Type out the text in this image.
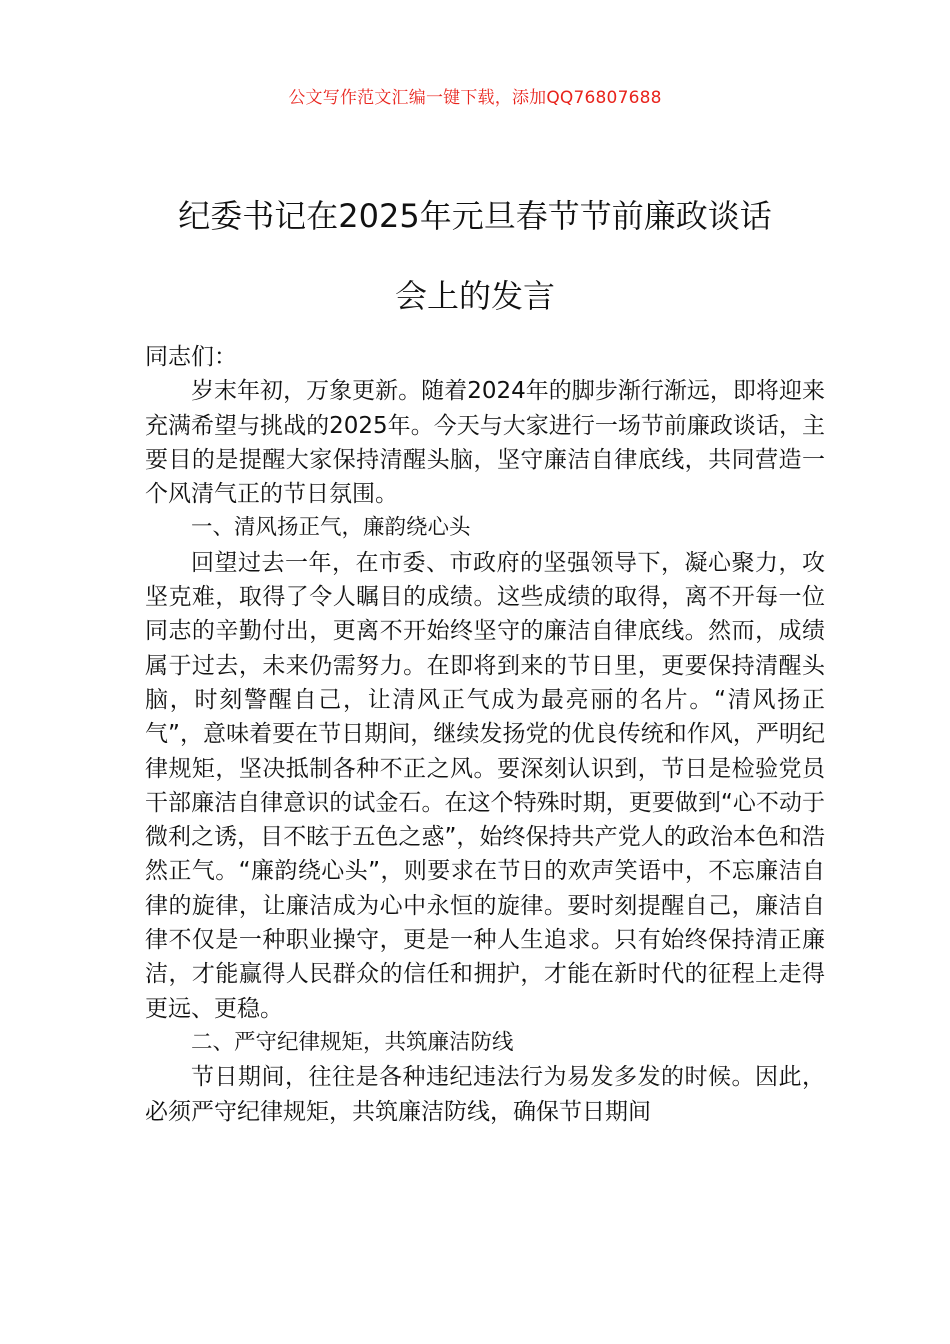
公文写作范文汇编一键下载，添加QQ76807688
纪委书记在2025年元旦春节节前廉政谈话
会上的发言

同志们：

岁末年初，万象更新。随着2024年的脚步渐行渐远，即将迎来充满希望与挑战的2025年。今天与大家进行一场节前廉政谈话，主要目的是提醒大家保持清醒头脑，坚守廉洁自律底线，共同营造一个风清气正的节日氛围。

一、清风扬正气，廉韵绕心头

回望过去一年，在市委、市政府的坚强领导下，凝心聚力，攻坚克难，取得了令人瞩目的成绩。这些成绩的取得，离不开每一位同志的辛勤付出，更离不开始终坚守的廉洁自律底线。然而，成绩属于过去，未来仍需努力。在即将到来的节日里，更要保持清醒头脑，时刻警醒自己，让清风正气成为最亮丽的名片。“清风扬正气”，意味着要在节日期间，继续发扬党的优良传统和作风，严明纪律规矩，坚决抵制各种不正之风。要深刻认识到，节日是检验党员干部廉洁自律意识的试金石。在这个特殊时期，更要做到“心不动于微利之诱，目不眩于五色之惑”，始终保持共产党人的政治本色和浩然正气。“廉韵绕心头”，则要求在节日的欢声笑语中，不忘廉洁自律的旋律，让廉洁成为心中永恒的旋律。要时刻提醒自己，廉洁自律不仅是一种职业操守，更是一种人生追求。只有始终保持清正廉洁，才能赢得人民群众的信任和拥护，才能在新时代的征程上走得更远、更稳。

二、严守纪律规矩，共筑廉洁防线

节日期间，往往是各种违纪违法行为易发多发的时候。因此，必须严守纪律规矩，共筑廉洁防线，确保节日期间
